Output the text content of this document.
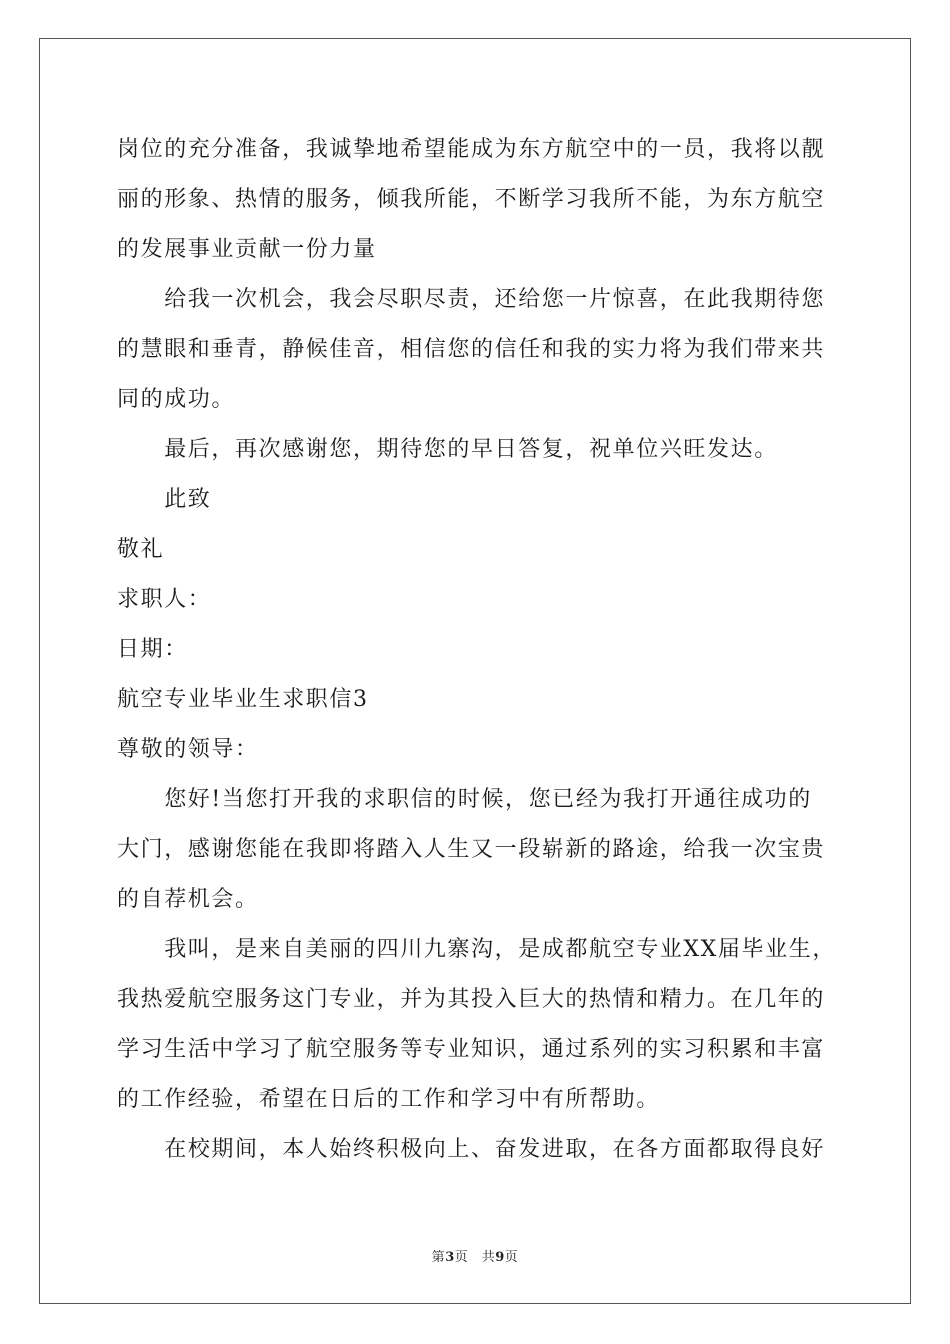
岗位的充分准备，我诚挚地希望能成为东方航空中的一员，我将以靓
丽的形象、热情的服务，倾我所能，不断学习我所不能，为东方航空
的发展事业贡献一份力量
　　给我一次机会，我会尽职尽责，还给您一片惊喜，在此我期待您
的慧眼和垂青，静候佳音，相信您的信任和我的实力将为我们带来共
同的成功。
　　最后，再次感谢您，期待您的早日答复，祝单位兴旺发达。
　　此致
敬礼
求职人：
日期：
航空专业毕业生求职信3
尊敬的领导：
　　您好!当您打开我的求职信的时候，您已经为我打开通往成功的
大门，感谢您能在我即将踏入人生又一段崭新的路途，给我一次宝贵
的自荐机会。
　　我叫，是来自美丽的四川九寨沟，是成都航空专业XX届毕业生，
我热爱航空服务这门专业，并为其投入巨大的热情和精力。在几年的
学习生活中学习了航空服务等专业知识，通过系列的实习积累和丰富
的工作经验，希望在日后的工作和学习中有所帮助。
　　在校期间，本人始终积极向上、奋发进取，在各方面都取得良好
第3页　共9页
